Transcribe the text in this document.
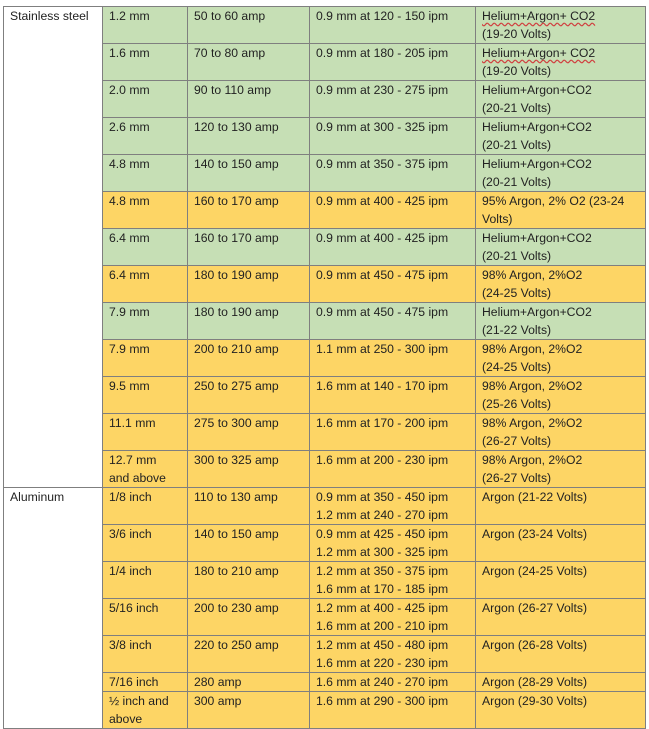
Stainless steel	1.2 mm	50 to 60 amp	0.9 mm at 120 - 150 ipm	Helium+Argon+ CO2
(19-20 Volts)
	1.6 mm	70 to 80 amp	0.9 mm at 180 - 205 ipm	Helium+Argon+ CO2
(19-20 Volts)
	2.0 mm	90 to 110 amp	0.9 mm at 230 - 275 ipm	Helium+Argon+CO2
(20-21 Volts)
	2.6 mm	120 to 130 amp	0.9 mm at 300 - 325 ipm	Helium+Argon+CO2
(20-21 Volts)
	4.8 mm	140 to 150 amp	0.9 mm at 350 - 375 ipm	Helium+Argon+CO2
(20-21 Volts)
	4.8 mm	160 to 170 amp	0.9 mm at 400 - 425 ipm	95% Argon, 2% O2 (23-24
Volts)
	6.4 mm	160 to 170 amp	0.9 mm at 400 - 425 ipm	Helium+Argon+CO2
(20-21 Volts)
	6.4 mm	180 to 190 amp	0.9 mm at 450 - 475 ipm	98% Argon, 2%O2
(24-25 Volts)
	7.9 mm	180 to 190 amp	0.9 mm at 450 - 475 ipm	Helium+Argon+CO2
(21-22 Volts)
	7.9 mm	200 to 210 amp	1.1 mm at 250 - 300 ipm	98% Argon, 2%O2
(24-25 Volts)
	9.5 mm	250 to 275 amp	1.6 mm at 140 - 170 ipm	98% Argon, 2%O2
(25-26 Volts)
	11.1 mm	275 to 300 amp	1.6 mm at 170 - 200 ipm	98% Argon, 2%O2
(26-27 Volts)
	12.7 mm
and above	300 to 325 amp	1.6 mm at 200 - 230 ipm	98% Argon, 2%O2
(26-27 Volts)
Aluminum	1/8 inch	110 to 130 amp	0.9 mm at 350 - 450 ipm
1.2 mm at 240 - 270 ipm	Argon (21-22 Volts)
	3/6 inch	140 to 150 amp	0.9 mm at 425 - 450 ipm
1.2 mm at 300 - 325 ipm	Argon (23-24 Volts)
	1/4 inch	180 to 210 amp	1.2 mm at 350 - 375 ipm
1.6 mm at 170 - 185 ipm	Argon (24-25 Volts)
	5/16 inch	200 to 230 amp	1.2 mm at 400 - 425 ipm
1.6 mm at 200 - 210 ipm	Argon (26-27 Volts)
	3/8 inch	220 to 250 amp	1.2 mm at 450 - 480 ipm
1.6 mm at 220 - 230 ipm	Argon (26-28 Volts)
	7/16 inch	280 amp	1.6 mm at 240 - 270 ipm	Argon (28-29 Volts)
	½ inch and
above	300 amp	1.6 mm at 290 - 300 ipm	Argon (29-30 Volts)
